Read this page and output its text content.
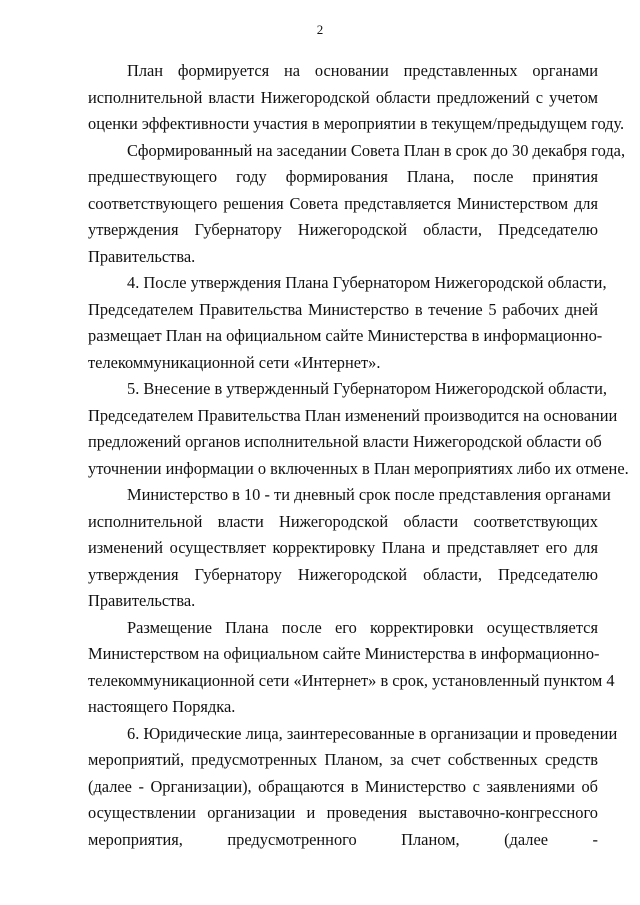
2
План формируется на основании представленных органами
исполнительной власти Нижегородской области предложений с учетом
оценки эффективности участия в мероприятии в текущем/предыдущем году.
Сформированный на заседании Совета План в срок до 30 декабря года,
предшествующего году формирования Плана, после принятия
соответствующего решения Совета представляется Министерством для
утверждения Губернатору Нижегородской области, Председателю
Правительства.
4. После утверждения Плана Губернатором Нижегородской области,
Председателем Правительства Министерство в течение 5 рабочих дней
размещает План на официальном сайте Министерства в информационно-
телекоммуникационной сети «Интернет».
5. Внесение в утвержденный Губернатором Нижегородской области,
Председателем Правительства План изменений производится на основании
предложений органов исполнительной власти Нижегородской области об
уточнении информации о включенных в План мероприятиях либо их отмене.
Министерство в 10 - ти дневный срок после представления органами
исполнительной власти Нижегородской области соответствующих
изменений осуществляет корректировку Плана и представляет его для
утверждения Губернатору Нижегородской области, Председателю
Правительства.
Размещение Плана после его корректировки осуществляется
Министерством на официальном сайте Министерства в информационно-
телекоммуникационной сети «Интернет» в срок, установленный пунктом 4
настоящего Порядка.
6. Юридические лица, заинтересованные в организации и проведении
мероприятий, предусмотренных Планом, за счет собственных средств
(далее - Организации), обращаются в Министерство с заявлениями об
осуществлении организации и проведения выставочно-конгрессного
мероприятия, предусмотренного Планом, (далее -
